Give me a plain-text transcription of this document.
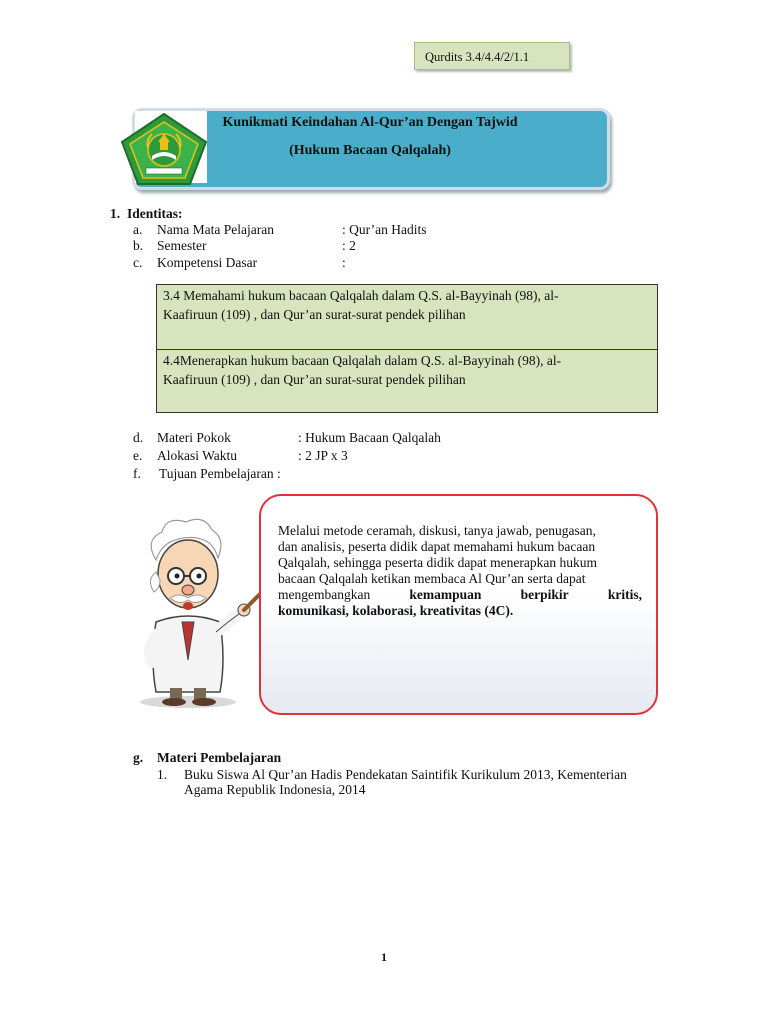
Qurdits 3.4/4.4/2/1.1
Kunikmati Keindahan Al-Qur’an Dengan Tajwid
(Hukum Bacaan Qalqalah)
1. Identitas:
a. Nama Mata Pelajaran	: Qur’an Hadits
b. Semester	: 2
c. Kompetensi Dasar	:
3.4 Memahami hukum bacaan Qalqalah dalam Q.S. al-Bayyinah (98), al-
Kaafiruun (109) , dan Qur’an surat-surat pendek pilihan
4.4Menerapkan hukum bacaan Qalqalah dalam Q.S. al-Bayyinah (98), al-
Kaafiruun (109) , dan Qur’an surat-surat pendek pilihan
d. Materi Pokok	: Hukum Bacaan Qalqalah
e. Alokasi Waktu	: 2 JP x 3
f. Tujuan Pembelajaran :
Melalui metode ceramah, diskusi, tanya jawab, penugasan,
dan analisis, peserta didik dapat memahami hukum bacaan
Qalqalah, sehingga peserta didik dapat menerapkan hukum
bacaan Qalqalah ketikan membaca Al Qur’an serta dapat
mengembangkan	kemampuan	berpikir	kritis,
komunikasi, kolaborasi, kreativitas (4C).
g. Materi Pembelajaran
1. Buku Siswa Al Qur’an Hadis Pendekatan Saintifik Kurikulum 2013, Kementerian
Agama Republik Indonesia, 2014
1
